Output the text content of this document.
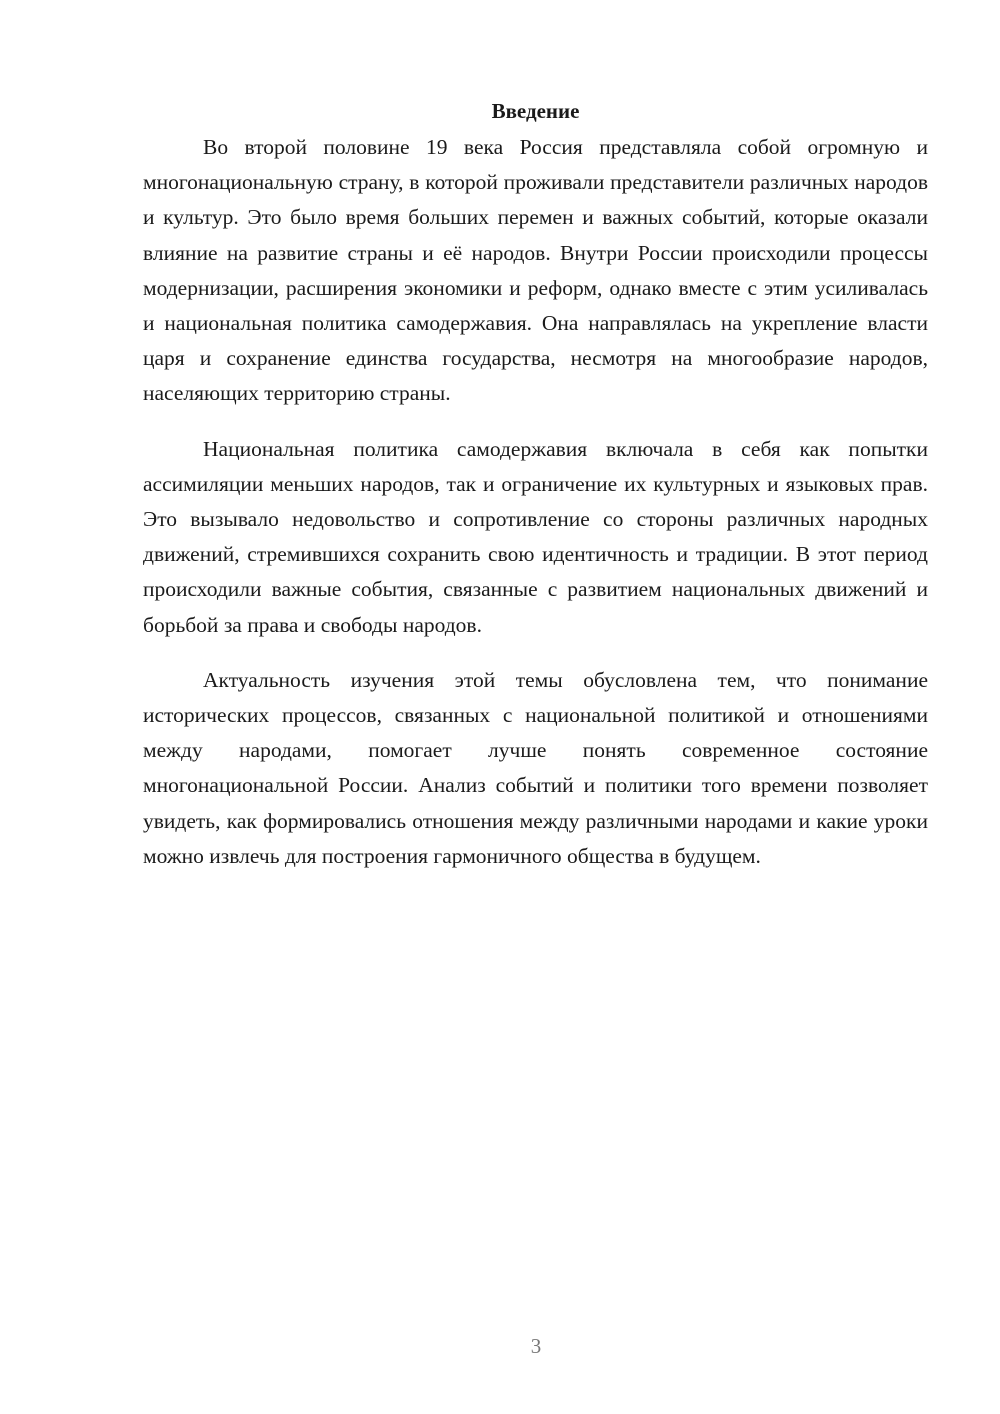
Введение

Во второй половине 19 века Россия представляла собой огромную и многонациональную страну, в которой проживали представители различных народов и культур. Это было время больших перемен и важных событий, которые оказали влияние на развитие страны и её народов. Внутри России происходили процессы модернизации, расширения экономики и реформ, однако вместе с этим усиливалась и национальная политика самодержавия. Она направлялась на укрепление власти царя и сохранение единства государства, несмотря на многообразие народов, населяющих территорию страны.

Национальная политика самодержавия включала в себя как попытки ассимиляции меньших народов, так и ограничение их культурных и языковых прав. Это вызывало недовольство и сопротивление со стороны различных народных движений, стремившихся сохранить свою идентичность и традиции. В этот период происходили важные события, связанные с развитием национальных движений и борьбой за права и свободы народов.

Актуальность изучения этой темы обусловлена тем, что понимание исторических процессов, связанных с национальной политикой и отношениями между народами, помогает лучше понять современное состояние многонациональной России. Анализ событий и политики того времени позволяет увидеть, как формировались отношения между различными народами и какие уроки можно извлечь для построения гармоничного общества в будущем.

3
